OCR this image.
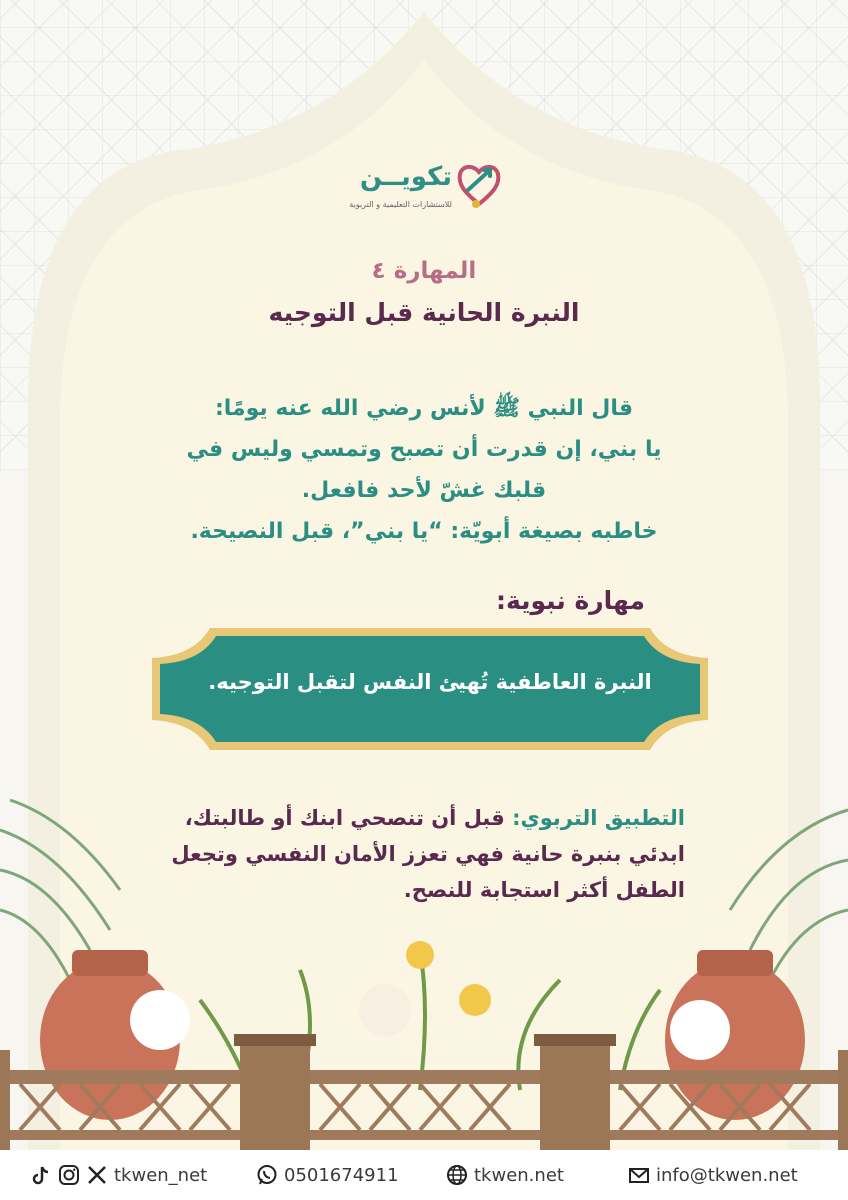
تكويــن
للاستشارات التعليمية و التربوية
المهارة ٤
النبرة الحانية قبل التوجيه
قال النبي ﷺ لأنس رضي الله عنه يومًا:
يا بني، إن قدرت أن تصبح وتمسي وليس في
قلبك غشّ لأحد فافعل.
خاطبه بصيغة أبويّة: “يا بني”، قبل النصيحة.
مهارة نبوية:
النبرة العاطفية تُهيئ النفس لتقبل التوجيه.
التطبيق التربوي: قبل أن تنصحي ابنك أو طالبتك،
ابدئي بنبرة حانية فهي تعزز الأمان النفسي وتجعل
الطفل أكثر استجابة للنصح.
tkwen_net	0501674911	tkwen.net	info@tkwen.net
